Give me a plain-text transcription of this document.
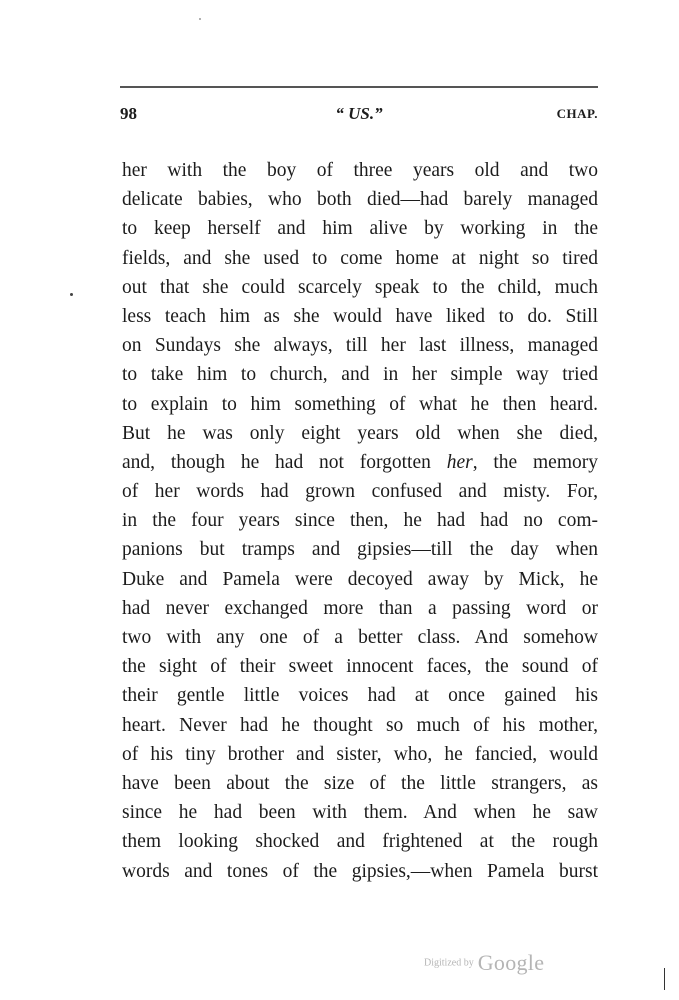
98	“ US.”	CHAP.
her with the boy of three years old and two
delicate babies, who both died—had barely managed
to keep herself and him alive by working in the
fields, and she used to come home at night so tired
out that she could scarcely speak to the child, much
less teach him as she would have liked to do. Still
on Sundays she always, till her last illness, managed
to take him to church, and in her simple way tried
to explain to him something of what he then heard.
But he was only eight years old when she died,
and, though he had not forgotten her, the memory
of her words had grown confused and misty. For,
in the four years since then, he had had no com-
panions but tramps and gipsies—till the day when
Duke and Pamela were decoyed away by Mick, he
had never exchanged more than a passing word or
two with any one of a better class. And somehow
the sight of their sweet innocent faces, the sound of
their gentle little voices had at once gained his
heart. Never had he thought so much of his mother,
of his tiny brother and sister, who, he fancied, would
have been about the size of the little strangers, as
since he had been with them. And when he saw
them looking shocked and frightened at the rough
words and tones of the gipsies,—when Pamela burst
Digitized by Google
